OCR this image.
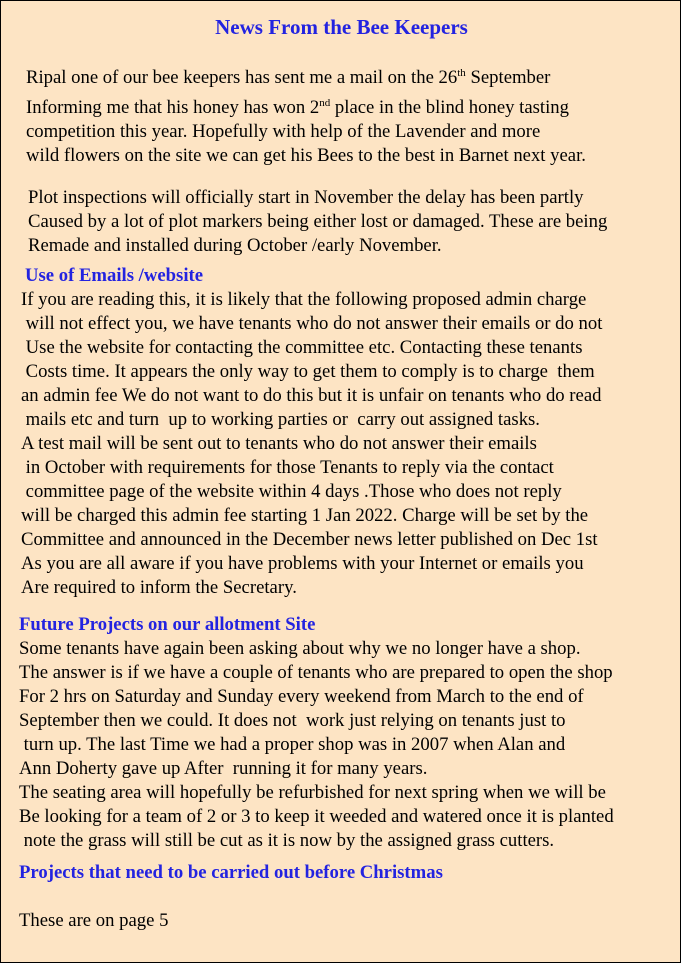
News From the Bee Keepers
Ripal one of our bee keepers has sent me a mail on the 26th September
Informing me that his honey has won 2nd place in the blind honey tasting
competition this year. Hopefully with help of the Lavender and more
wild flowers on the site we can get his Bees to the best in Barnet next year.
Plot inspections will officially start in November the delay has been partly
Caused by a lot of plot markers being either lost or damaged. These are being
Remade and installed during October /early November.
Use of Emails /website
If you are reading this, it is likely that the following proposed admin charge
will not effect you, we have tenants who do not answer their emails or do not
Use the website for contacting the committee etc. Contacting these tenants
Costs time. It appears the only way to get them to comply is to charge  them
an admin fee We do not want to do this but it is unfair on tenants who do read
mails etc and turn  up to working parties or  carry out assigned tasks.
A test mail will be sent out to tenants who do not answer their emails
in October with requirements for those Tenants to reply via the contact
committee page of the website within 4 days .Those who does not reply
will be charged this admin fee starting 1 Jan 2022. Charge will be set by the
Committee and announced in the December news letter published on Dec 1st
As you are all aware if you have problems with your Internet or emails you
Are required to inform the Secretary.
Future Projects on our allotment Site
Some tenants have again been asking about why we no longer have a shop.
The answer is if we have a couple of tenants who are prepared to open the shop
For 2 hrs on Saturday and Sunday every weekend from March to the end of
September then we could. It does not  work just relying on tenants just to
turn up. The last Time we had a proper shop was in 2007 when Alan and
Ann Doherty gave up After  running it for many years.
The seating area will hopefully be refurbished for next spring when we will be
Be looking for a team of 2 or 3 to keep it weeded and watered once it is planted
note the grass will still be cut as it is now by the assigned grass cutters.
Projects that need to be carried out before Christmas
These are on page 5
